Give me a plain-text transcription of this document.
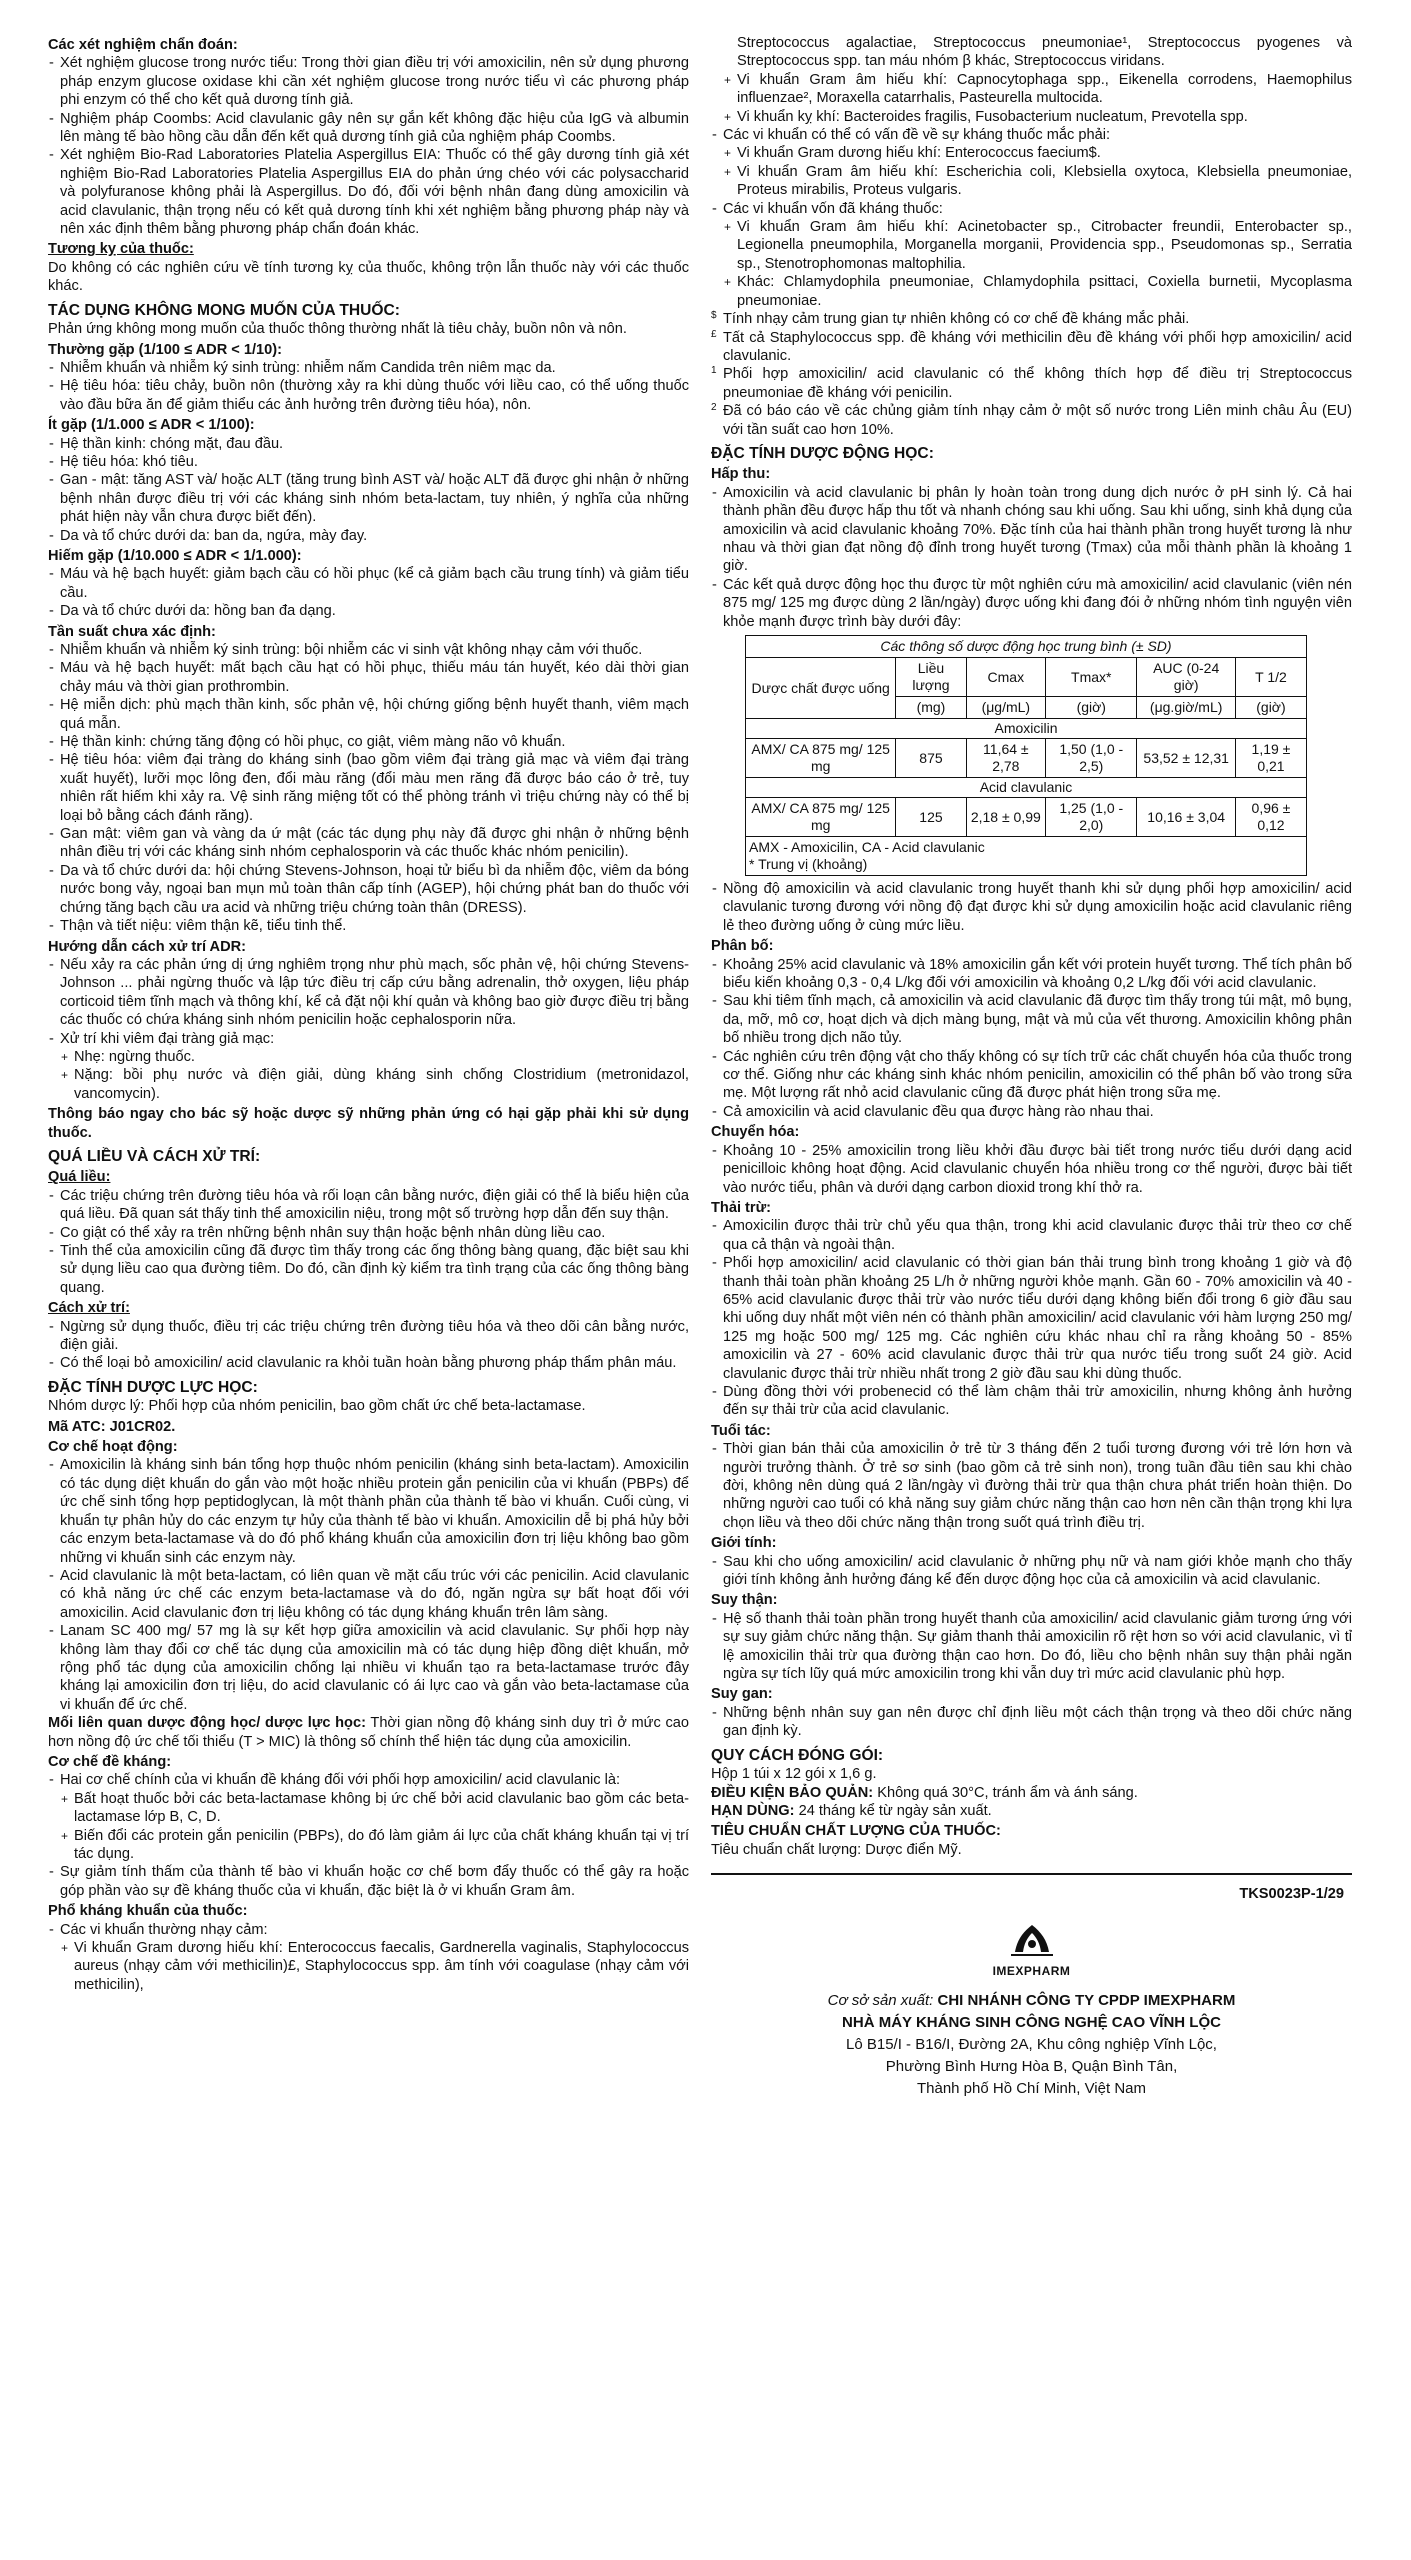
Các xét nghiệm chẩn đoán:

- Xét nghiệm glucose trong nước tiểu: Trong thời gian điều trị với amoxicilin, nên sử dụng phương pháp enzym glucose oxidase khi cần xét nghiệm glucose trong nước tiểu vì các phương pháp phi enzym có thể cho kết quả dương tính giả.
- Nghiệm pháp Coombs: Acid clavulanic gây nên sự gắn kết không đặc hiệu của IgG và albumin lên màng tế bào hồng cầu dẫn đến kết quả dương tính giả của nghiệm pháp Coombs.
- Xét nghiệm Bio-Rad Laboratories Platelia Aspergillus EIA: Thuốc có thể gây dương tính giả xét nghiệm Bio-Rad Laboratories Platelia Aspergillus EIA do phản ứng chéo với các polysaccharid và polyfuranose không phải là Aspergillus. Do đó, đối với bệnh nhân đang dùng amoxicilin và acid clavulanic, thận trọng nếu có kết quả dương tính khi xét nghiệm bằng phương pháp này và nên xác định thêm bằng phương pháp chẩn đoán khác.

Tương kỵ của thuốc:

Do không có các nghiên cứu về tính tương kỵ của thuốc, không trộn lẫn thuốc này với các thuốc khác.

TÁC DỤNG KHÔNG MONG MUỐN CỦA THUỐC:

Phản ứng không mong muốn của thuốc thông thường nhất là tiêu chảy, buồn nôn và nôn.

Thường gặp (1/100 ≤ ADR < 1/10):

- Nhiễm khuẩn và nhiễm ký sinh trùng: nhiễm nấm Candida trên niêm mạc da.
- Hệ tiêu hóa: tiêu chảy, buồn nôn (thường xảy ra khi dùng thuốc với liều cao, có thể uống thuốc vào đầu bữa ăn để giảm thiểu các ảnh hưởng trên đường tiêu hóa), nôn.

Ít gặp (1/1.000 ≤ ADR < 1/100):

- Hệ thần kinh: chóng mặt, đau đầu.
- Hệ tiêu hóa: khó tiêu.
- Gan - mật: tăng AST và/ hoặc ALT (tăng trung bình AST và/ hoặc ALT đã được ghi nhận ở những bệnh nhân được điều trị với các kháng sinh nhóm beta-lactam, tuy nhiên, ý nghĩa của những phát hiện này vẫn chưa được biết đến).
- Da và tổ chức dưới da: ban da, ngứa, mày đay.

Hiếm gặp (1/10.000 ≤ ADR < 1/1.000):

- Máu và hệ bạch huyết: giảm bạch cầu có hồi phục (kể cả giảm bạch cầu trung tính) và giảm tiểu cầu.
- Da và tổ chức dưới da: hồng ban đa dạng.

Tần suất chưa xác định:

- Nhiễm khuẩn và nhiễm ký sinh trùng: bội nhiễm các vi sinh vật không nhạy cảm với thuốc.
- Máu và hệ bạch huyết: mất bạch cầu hạt có hồi phục, thiếu máu tán huyết, kéo dài thời gian chảy máu và thời gian prothrombin.
- Hệ miễn dịch: phù mạch thần kinh, sốc phản vệ, hội chứng giống bệnh huyết thanh, viêm mạch quá mẫn.
- Hệ thần kinh: chứng tăng động có hồi phục, co giật, viêm màng não vô khuẩn.
- Hệ tiêu hóa: viêm đại tràng do kháng sinh (bao gồm viêm đại tràng giả mạc và viêm đại tràng xuất huyết), lưỡi mọc lông đen, đổi màu răng (đổi màu men răng đã được báo cáo ở trẻ, tuy nhiên rất hiếm khi xảy ra. Vệ sinh răng miệng tốt có thể phòng tránh vì triệu chứng này có thể bị loại bỏ bằng cách đánh răng).
- Gan mật: viêm gan và vàng da ứ mật (các tác dụng phụ này đã được ghi nhận ở những bệnh nhân điều trị với các kháng sinh nhóm cephalosporin và các thuốc khác nhóm penicilin).
- Da và tổ chức dưới da: hội chứng Stevens-Johnson, hoại tử biểu bì da nhiễm độc, viêm da bóng nước bong vảy, ngoại ban mụn mủ toàn thân cấp tính (AGEP), hội chứng phát ban do thuốc với chứng tăng bạch cầu ưa acid và những triệu chứng toàn thân (DRESS).
- Thận và tiết niệu: viêm thận kẽ, tiểu tinh thể.

Hướng dẫn cách xử trí ADR:

- Nếu xảy ra các phản ứng dị ứng nghiêm trọng như phù mạch, sốc phản vệ, hội chứng Stevens-Johnson ... phải ngừng thuốc và lập tức điều trị cấp cứu bằng adrenalin, thở oxygen, liệu pháp corticoid tiêm tĩnh mạch và thông khí, kể cả đặt nội khí quản và không bao giờ được điều trị bằng các thuốc có chứa kháng sinh nhóm penicilin hoặc cephalosporin nữa.
- Xử trí khi viêm đại tràng giả mạc:
+ Nhẹ: ngừng thuốc.
+ Nặng: bồi phụ nước và điện giải, dùng kháng sinh chống Clostridium (metronidazol, vancomycin).

Thông báo ngay cho bác sỹ hoặc dược sỹ những phản ứng có hại gặp phải khi sử dụng thuốc.

QUÁ LIỀU VÀ CÁCH XỬ TRÍ:

Quá liều:

- Các triệu chứng trên đường tiêu hóa và rối loạn cân bằng nước, điện giải có thể là biểu hiện của quá liều. Đã quan sát thấy tinh thể amoxicilin niệu, trong một số trường hợp dẫn đến suy thận.
- Co giật có thể xảy ra trên những bệnh nhân suy thận hoặc bệnh nhân dùng liều cao.
- Tinh thể của amoxicilin cũng đã được tìm thấy trong các ống thông bàng quang, đặc biệt sau khi sử dụng liều cao qua đường tiêm. Do đó, cần định kỳ kiểm tra tình trạng của các ống thông bàng quang.

Cách xử trí:

- Ngừng sử dụng thuốc, điều trị các triệu chứng trên đường tiêu hóa và theo dõi cân bằng nước, điện giải.
- Có thể loại bỏ amoxicilin/ acid clavulanic ra khỏi tuần hoàn bằng phương pháp thẩm phân máu.

ĐẶC TÍNH DƯỢC LỰC HỌC:

Nhóm dược lý: Phối hợp của nhóm penicilin, bao gồm chất ức chế beta-lactamase.

Mã ATC: J01CR02.

Cơ chế hoạt động:

- Amoxicilin là kháng sinh bán tổng hợp thuộc nhóm penicilin (kháng sinh beta-lactam). Amoxicilin có tác dụng diệt khuẩn do gắn vào một hoặc nhiều protein gắn penicilin của vi khuẩn (PBPs) để ức chế sinh tổng hợp peptidoglycan, là một thành phần của thành tế bào vi khuẩn. Cuối cùng, vi khuẩn tự phân hủy do các enzym tự hủy của thành tế bào vi khuẩn. Amoxicilin dễ bị phá hủy bởi các enzym beta-lactamase và do đó phổ kháng khuẩn của amoxicilin đơn trị liệu không bao gồm những vi khuẩn sinh các enzym này.
- Acid clavulanic là một beta-lactam, có liên quan về mặt cấu trúc với các penicilin. Acid clavulanic có khả năng ức chế các enzym beta-lactamase và do đó, ngăn ngừa sự bất hoạt đối với amoxicilin. Acid clavulanic đơn trị liệu không có tác dụng kháng khuẩn trên lâm sàng.
- Lanam SC 400 mg/ 57 mg là sự kết hợp giữa amoxicilin và acid clavulanic. Sự phối hợp này không làm thay đổi cơ chế tác dụng của amoxicilin mà có tác dụng hiệp đồng diệt khuẩn, mở rộng phổ tác dụng của amoxicilin chống lại nhiều vi khuẩn tạo ra beta-lactamase trước đây kháng lại amoxicilin đơn trị liệu, do acid clavulanic có ái lực cao và gắn vào beta-lactamase của vi khuẩn để ức chế.

Mối liên quan dược động học/ dược lực học: Thời gian nồng độ kháng sinh duy trì ở mức cao hơn nồng độ ức chế tối thiểu (T > MIC) là thông số chính thể hiện tác dụng của amoxicilin.

Cơ chế đề kháng:

- Hai cơ chế chính của vi khuẩn đề kháng đối với phối hợp amoxicilin/ acid clavulanic là:
+ Bất hoạt thuốc bởi các beta-lactamase không bị ức chế bởi acid clavulanic bao gồm các beta-lactamase lớp B, C, D.
+ Biến đổi các protein gắn penicilin (PBPs), do đó làm giảm ái lực của chất kháng khuẩn tại vị trí tác dụng.
- Sự giảm tính thấm của thành tế bào vi khuẩn hoặc cơ chế bơm đẩy thuốc có thể gây ra hoặc góp phần vào sự đề kháng thuốc của vi khuẩn, đặc biệt là ở vi khuẩn Gram âm.

Phổ kháng khuẩn của thuốc:

- Các vi khuẩn thường nhạy cảm:
+ Vi khuẩn Gram dương hiếu khí: Enterococcus faecalis, Gardnerella vaginalis, Staphylococcus aureus (nhạy cảm với methicilin)£, Staphylococcus spp. âm tính với coagulase (nhạy cảm với methicilin),

Streptococcus agalactiae, Streptococcus pneumoniae¹, Streptococcus pyogenes và Streptococcus spp. tan máu nhóm β khác, Streptococcus viridans.

+ Vi khuẩn Gram âm hiếu khí: Capnocytophaga spp., Eikenella corrodens, Haemophilus influenzae², Moraxella catarrhalis, Pasteurella multocida.
+ Vi khuẩn kỵ khí: Bacteroides fragilis, Fusobacterium nucleatum, Prevotella spp.
- Các vi khuẩn có thể có vấn đề về sự kháng thuốc mắc phải:
+ Vi khuẩn Gram dương hiếu khí: Enterococcus faecium$.
+ Vi khuẩn Gram âm hiếu khí: Escherichia coli, Klebsiella oxytoca, Klebsiella pneumoniae, Proteus mirabilis, Proteus vulgaris.
- Các vi khuẩn vốn đã kháng thuốc:
+ Vi khuẩn Gram âm hiếu khí: Acinetobacter sp., Citrobacter freundii, Enterobacter sp., Legionella pneumophila, Morganella morganii, Providencia spp., Pseudomonas sp., Serratia sp., Stenotrophomonas maltophilia.
+ Khác: Chlamydophila pneumoniae, Chlamydophila psittaci, Coxiella burnetii, Mycoplasma pneumoniae.
$ Tính nhạy cảm trung gian tự nhiên không có cơ chế đề kháng mắc phải.
£ Tất cả Staphylococcus spp. đề kháng với methicilin đều đề kháng với phối hợp amoxicilin/ acid clavulanic.
1 Phối hợp amoxicilin/ acid clavulanic có thể không thích hợp để điều trị Streptococcus pneumoniae đề kháng với penicilin.
2 Đã có báo cáo về các chủng giảm tính nhạy cảm ở một số nước trong Liên minh châu Âu (EU) với tần suất cao hơn 10%.

ĐẶC TÍNH DƯỢC ĐỘNG HỌC:

Hấp thu:

- Amoxicilin và acid clavulanic bị phân ly hoàn toàn trong dung dịch nước ở pH sinh lý. Cả hai thành phần đều được hấp thu tốt và nhanh chóng sau khi uống. Sau khi uống, sinh khả dụng của amoxicilin và acid clavulanic khoảng 70%. Đặc tính của hai thành phần trong huyết tương là như nhau và thời gian đạt nồng độ đỉnh trong huyết tương (Tmax) của mỗi thành phần là khoảng 1 giờ.
- Các kết quả dược động học thu được từ một nghiên cứu mà amoxicilin/ acid clavulanic (viên nén 875 mg/ 125 mg được dùng 2 lần/ngày) được uống khi đang đói ở những nhóm tình nguyện viên khỏe mạnh được trình bày dưới đây:
Các thông số dược động học trung bình (± SD)					
Dược chất được uống	Liều lượng	Cmax	Tmax*	AUC (0-24 giờ)	T 1/2
	(mg)	(μg/mL)	(giờ)	(μg.giờ/mL)	(giờ)
Amoxicilin					
AMX/ CA 875 mg/ 125 mg	875	11,64 ± 2,78	1,50 (1,0 - 2,5)	53,52 ± 12,31	1,19 ± 0,21
Acid clavulanic					
AMX/ CA 875 mg/ 125 mg	125	2,18 ± 0,99	1,25 (1,0 - 2,0)	10,16 ± 3,04	0,96 ± 0,12
AMX - Amoxicilin, CA - Acid clavulanic
* Trung vị (khoảng)					
- Nồng độ amoxicilin và acid clavulanic trong huyết thanh khi sử dụng phối hợp amoxicilin/ acid clavulanic tương đương với nồng độ đạt được khi sử dụng amoxicilin hoặc acid clavulanic riêng lẻ theo đường uống ở cùng mức liều.

Phân bố:

- Khoảng 25% acid clavulanic và 18% amoxicilin gắn kết với protein huyết tương. Thể tích phân bố biểu kiến khoảng 0,3 - 0,4 L/kg đối với amoxicilin và khoảng 0,2 L/kg đối với acid clavulanic.
- Sau khi tiêm tĩnh mạch, cả amoxicilin và acid clavulanic đã được tìm thấy trong túi mật, mô bụng, da, mỡ, mô cơ, hoạt dịch và dịch màng bụng, mật và mủ của vết thương. Amoxicilin không phân bố nhiều trong dịch não tủy.
- Các nghiên cứu trên động vật cho thấy không có sự tích trữ các chất chuyển hóa của thuốc trong cơ thể. Giống như các kháng sinh khác nhóm penicilin, amoxicilin có thể phân bố vào trong sữa mẹ. Một lượng rất nhỏ acid clavulanic cũng đã được phát hiện trong sữa mẹ.
- Cả amoxicilin và acid clavulanic đều qua được hàng rào nhau thai.

Chuyển hóa:

- Khoảng 10 - 25% amoxicilin trong liều khởi đầu được bài tiết trong nước tiểu dưới dạng acid penicilloic không hoạt động. Acid clavulanic chuyển hóa nhiều trong cơ thể người, được bài tiết vào nước tiểu, phân và dưới dạng carbon dioxid trong khí thở ra.

Thải trừ:

- Amoxicilin được thải trừ chủ yếu qua thận, trong khi acid clavulanic được thải trừ theo cơ chế qua cả thận và ngoài thận.
- Phối hợp amoxicilin/ acid clavulanic có thời gian bán thải trung bình trong khoảng 1 giờ và độ thanh thải toàn phần khoảng 25 L/h ở những người khỏe mạnh. Gần 60 - 70% amoxicilin và 40 - 65% acid clavulanic được thải trừ vào nước tiểu dưới dạng không biến đổi trong 6 giờ đầu sau khi uống duy nhất một viên nén có thành phần amoxicilin/ acid clavulanic với hàm lượng 250 mg/ 125 mg hoặc 500 mg/ 125 mg. Các nghiên cứu khác nhau chỉ ra rằng khoảng 50 - 85% amoxicilin và 27 - 60% acid clavulanic được thải trừ qua nước tiểu trong suốt 24 giờ. Acid clavulanic được thải trừ nhiều nhất trong 2 giờ đầu sau khi dùng thuốc.
- Dùng đồng thời với probenecid có thể làm chậm thải trừ amoxicilin, nhưng không ảnh hưởng đến sự thải trừ của acid clavulanic.

Tuổi tác:

- Thời gian bán thải của amoxicilin ở trẻ từ 3 tháng đến 2 tuổi tương đương với trẻ lớn hơn và người trưởng thành. Ở trẻ sơ sinh (bao gồm cả trẻ sinh non), trong tuần đầu tiên sau khi chào đời, không nên dùng quá 2 lần/ngày vì đường thải trừ qua thận chưa phát triển hoàn thiện. Do những người cao tuổi có khả năng suy giảm chức năng thận cao hơn nên cần thận trọng khi lựa chọn liều và theo dõi chức năng thận trong suốt quá trình điều trị.

Giới tính:

- Sau khi cho uống amoxicilin/ acid clavulanic ở những phụ nữ và nam giới khỏe mạnh cho thấy giới tính không ảnh hưởng đáng kể đến dược động học của cả amoxicilin và acid clavulanic.

Suy thận:

- Hệ số thanh thải toàn phần trong huyết thanh của amoxicilin/ acid clavulanic giảm tương ứng với sự suy giảm chức năng thận. Sự giảm thanh thải amoxicilin rõ rệt hơn so với acid clavulanic, vì tỉ lệ amoxicilin thải trừ qua đường thận cao hơn. Do đó, liều cho bệnh nhân suy thận phải ngăn ngừa sự tích lũy quá mức amoxicilin trong khi vẫn duy trì mức acid clavulanic phù hợp.

Suy gan:

- Những bệnh nhân suy gan nên được chỉ định liều một cách thận trọng và theo dõi chức năng gan định kỳ.

QUY CÁCH ĐÓNG GÓI:

Hộp 1 túi x 12 gói x 1,6 g.

ĐIỀU KIỆN BẢO QUẢN: Không quá 30°C, tránh ẩm và ánh sáng.

HẠN DÙNG: 24 tháng kể từ ngày sản xuất.

TIÊU CHUẨN CHẤT LƯỢNG CỦA THUỐC:

Tiêu chuẩn chất lượng: Dược điển Mỹ.

TKS0023P-1/29

IMEXPHARM
Cơ sở sản xuất: CHI NHÁNH CÔNG TY CPDP IMEXPHARM
NHÀ MÁY KHÁNG SINH CÔNG NGHỆ CAO VĨNH LỘC
Lô B15/I - B16/I, Đường 2A, Khu công nghiệp Vĩnh Lộc,
Phường Bình Hưng Hòa B, Quận Bình Tân,
Thành phố Hồ Chí Minh, Việt Nam
